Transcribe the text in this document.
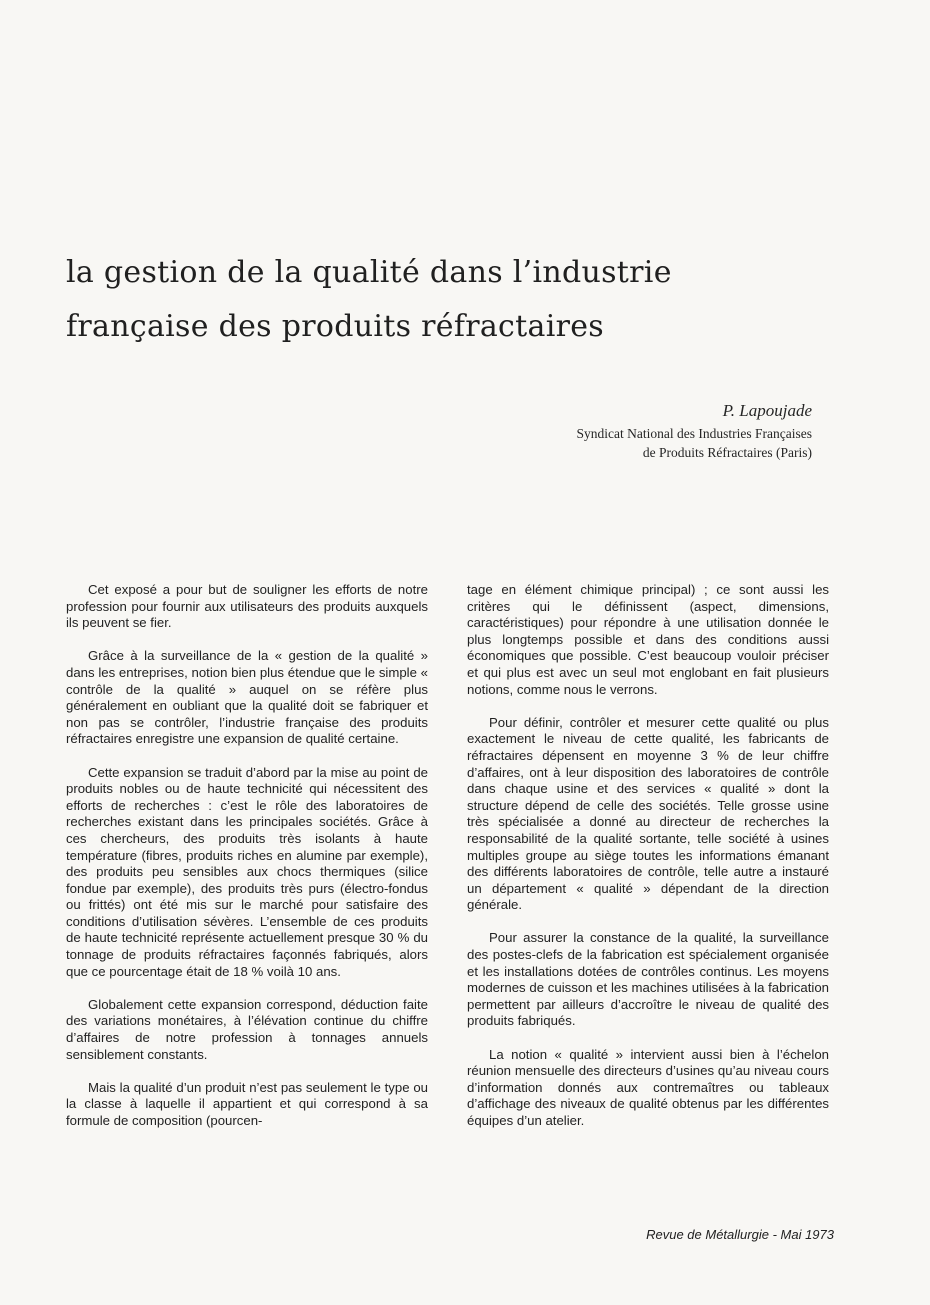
la gestion de la qualité dans l’industrie
française des produits réfractaires
P. Lapoujade
Syndicat National des Industries Françaises
de Produits Réfractaires (Paris)

Cet exposé a pour but de souligner les efforts de notre profession pour fournir aux utilisateurs des produits auxquels ils peuvent se fier.

Grâce à la surveillance de la « gestion de la qualité » dans les entreprises, notion bien plus étendue que le simple « contrôle de la qualité » auquel on se réfère plus généralement en oubliant que la qualité doit se fabriquer et non pas se contrôler, l’industrie française des produits réfractaires enregistre une expansion de qualité certaine.

Cette expansion se traduit d’abord par la mise au point de produits nobles ou de haute technicité qui nécessitent des efforts de recherches : c’est le rôle des laboratoires de recherches existant dans les principales sociétés. Grâce à ces chercheurs, des produits très isolants à haute température (fibres, produits riches en alumine par exemple), des produits peu sensibles aux chocs thermiques (silice fondue par exemple), des produits très purs (électro-fondus ou frittés) ont été mis sur le marché pour satisfaire des conditions d’utilisation sévères. L’ensemble de ces produits de haute technicité représente actuellement presque 30 % du tonnage de produits réfractaires façonnés fabriqués, alors que ce pourcentage était de 18 % voilà 10 ans.

Globalement cette expansion correspond, déduction faite des variations monétaires, à l’élévation continue du chiffre d’affaires de notre profession à tonnages annuels sensiblement constants.

Mais la qualité d’un produit n’est pas seulement le type ou la classe à laquelle il appartient et qui correspond à sa formule de composition (pourcen-

tage en élément chimique principal) ; ce sont aussi les critères qui le définissent (aspect, dimensions, caractéristiques) pour répondre à une utilisation donnée le plus longtemps possible et dans des conditions aussi économiques que possible. C’est beaucoup vouloir préciser et qui plus est avec un seul mot englobant en fait plusieurs notions, comme nous le verrons.

Pour définir, contrôler et mesurer cette qualité ou plus exactement le niveau de cette qualité, les fabricants de réfractaires dépensent en moyenne 3 % de leur chiffre d’affaires, ont à leur disposition des laboratoires de contrôle dans chaque usine et des services « qualité » dont la structure dépend de celle des sociétés. Telle grosse usine très spécialisée a donné au directeur de recherches la responsabilité de la qualité sortante, telle société à usines multiples groupe au siège toutes les informations émanant des différents laboratoires de contrôle, telle autre a instauré un département « qualité » dépendant de la direction générale.

Pour assurer la constance de la qualité, la surveillance des postes-clefs de la fabrication est spécialement organisée et les installations dotées de contrôles continus. Les moyens modernes de cuisson et les machines utilisées à la fabrication permettent par ailleurs d’accroître le niveau de qualité des produits fabriqués.

La notion « qualité » intervient aussi bien à l’échelon réunion mensuelle des directeurs d’usines qu’au niveau cours d’information donnés aux contremaîtres ou tableaux d’affichage des niveaux de qualité obtenus par les différentes équipes d’un atelier.

Revue de Métallurgie - Mai 1973
